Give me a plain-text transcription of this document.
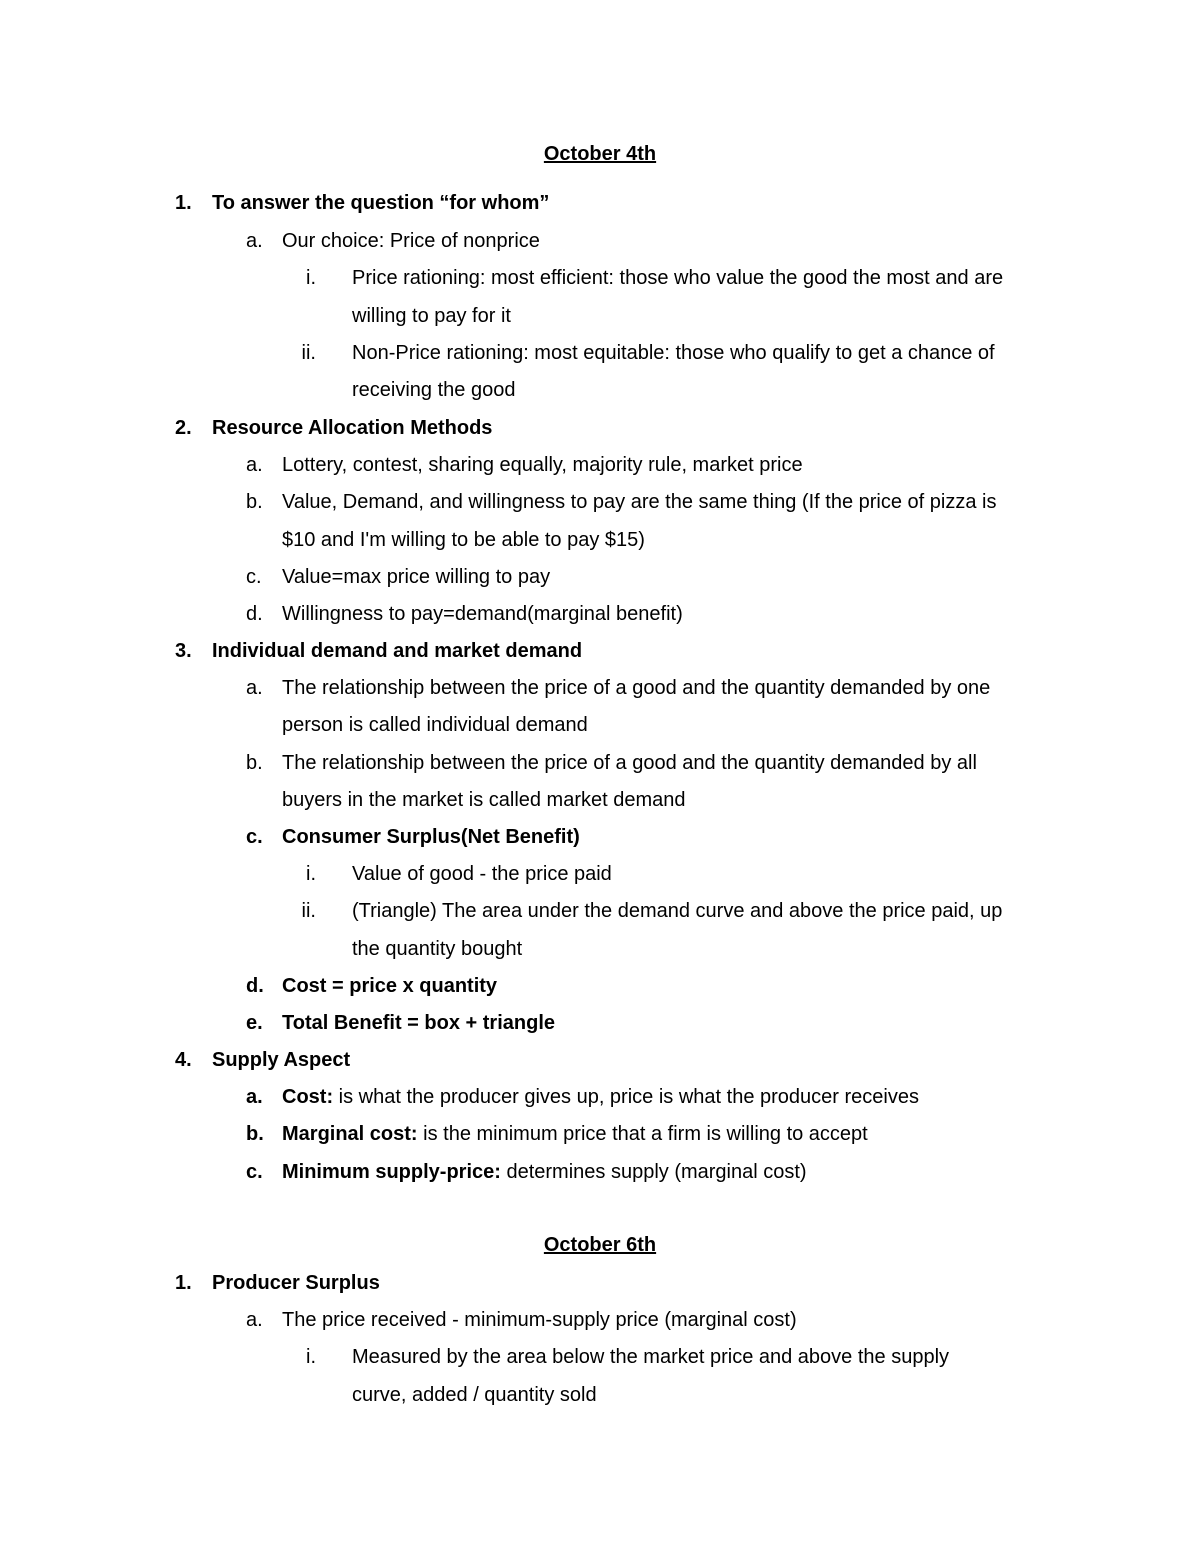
October 4th
1. To answer the question “for whom”
a. Our choice: Price of nonprice
i. Price rationing: most efficient: those who value the good the most and are
willing to pay for it
ii. Non-Price rationing: most equitable: those who qualify to get a chance of
receiving the good
2. Resource Allocation Methods
a. Lottery, contest, sharing equally, majority rule, market price
b. Value, Demand, and willingness to pay are the same thing (If the price of pizza is
$10 and I'm willing to be able to pay $15)
c. Value=max price willing to pay
d. Willingness to pay=demand(marginal benefit)
3. Individual demand and market demand
a. The relationship between the price of a good and the quantity demanded by one
person is called individual demand
b. The relationship between the price of a good and the quantity demanded by all
buyers in the market is called market demand
c. Consumer Surplus(Net Benefit)
i. Value of good - the price paid
ii. (Triangle) The area under the demand curve and above the price paid, up
the quantity bought
d. Cost = price x quantity
e. Total Benefit = box + triangle
4. Supply Aspect
a. Cost: is what the producer gives up, price is what the producer receives
b. Marginal cost: is the minimum price that a firm is willing to accept
c. Minimum supply-price: determines supply (marginal cost)
October 6th
1. Producer Surplus
a. The price received - minimum-supply price (marginal cost)
i. Measured by the area below the market price and above the supply
curve, added / quantity sold
